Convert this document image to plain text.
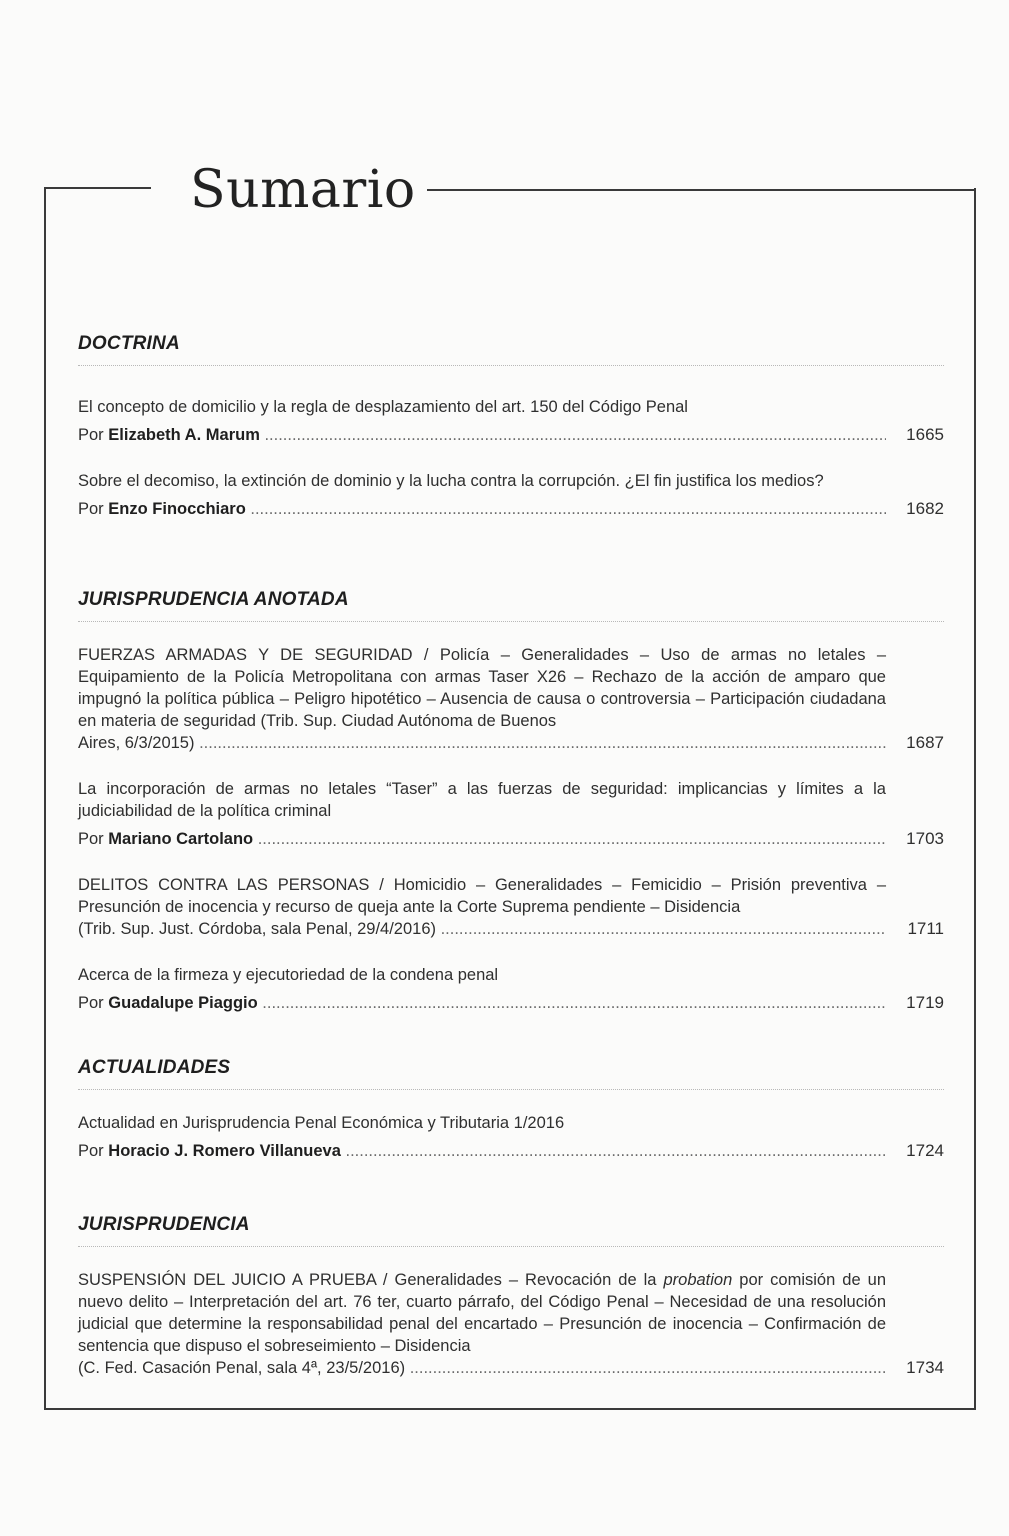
Sumario
DOCTRINA
El concepto de domicilio y la regla de desplazamiento del art. 150 del Código Penal
Por Elizabeth A. Marum .....	1665
Sobre el decomiso, la extinción de dominio y la lucha contra la corrupción. ¿El fin justifica los medios?
Por Enzo Finocchiaro .....	1682
JURISPRUDENCIA ANOTADA
FUERZAS ARMADAS Y DE SEGURIDAD / Policía – Generalidades – Uso de armas no letales – Equipamiento de la Policía Metropolitana con armas Taser X26 – Rechazo de la acción de amparo que impugnó la política pública – Peligro hipotético – Ausencia de causa o controversia – Participación ciudadana en materia de seguridad (Trib. Sup. Ciudad Autónoma de Buenos
Aires, 6/3/2015) .....	1687
La incorporación de armas no letales “Taser” a las fuerzas de seguridad: implicancias y límites a la judiciabilidad de la política criminal
Por Mariano Cartolano .....	1703
DELITOS CONTRA LAS PERSONAS / Homicidio – Generalidades – Femicidio – Prisión preventiva – Presunción de inocencia y recurso de queja ante la Corte Suprema pendiente – Disidencia
(Trib. Sup. Just. Córdoba, sala Penal, 29/4/2016) .....	1711
Acerca de la firmeza y ejecutoriedad de la condena penal
Por Guadalupe Piaggio .....	1719
ACTUALIDADES
Actualidad en Jurisprudencia Penal Económica y Tributaria 1/2016
Por Horacio J. Romero Villanueva .....	1724
JURISPRUDENCIA
SUSPENSIÓN DEL JUICIO A PRUEBA / Generalidades – Revocación de la probation por comisión de un nuevo delito – Interpretación del art. 76 ter, cuarto párrafo, del Código Penal – Necesidad de una resolución judicial que determine la responsabilidad penal del encartado – Presunción de inocencia – Confirmación de sentencia que dispuso el sobreseimiento – Disidencia
(C. Fed. Casación Penal, sala 4ª, 23/5/2016) .....	1734
